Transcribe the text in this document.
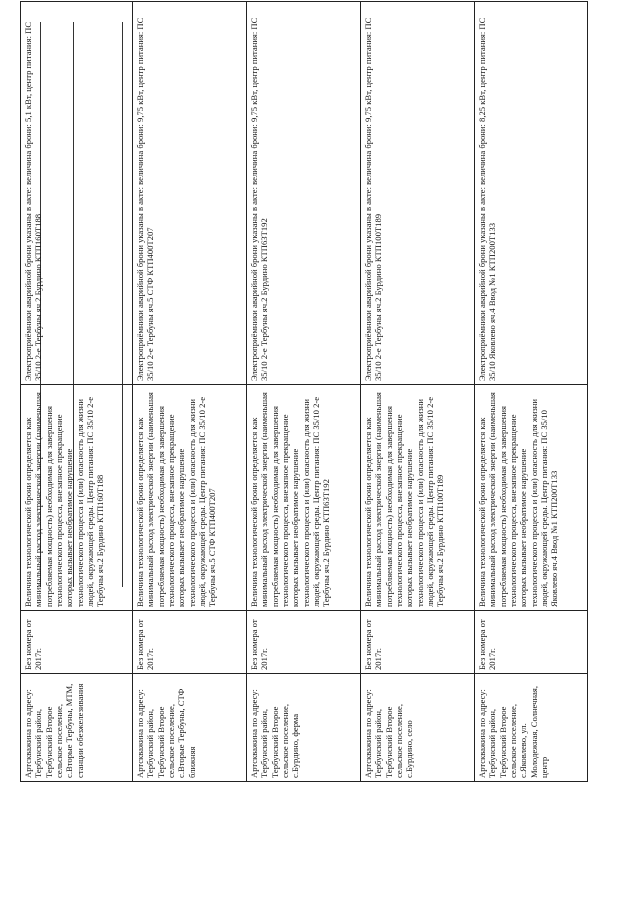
Артскважина по адресу: Тербунский район, Тербунский Второе сельское поселение, с.Вторые Тербуны, МТМ, станции обезжелезивания	Без номера от 2017г.	Величина технологической брони определяется как минимальный расход электрической энергии (наименьшая потребляемая мощность) необходимая для завершения технологического процесса, внезапное прекращение которых вызывает необратимое нарушение технологического процесса и (или) опасность для жизни людей, окружающей среды. Центр питания: ПС 35/10 2-е Тербуны яч.2 Бурдино КТП160Т188	Электроприёмники аварийной брони указаны в акте: величина брони: 5,1 кВт, центр питания: ПС 35/10 2-е Тербуны яч.2 Бурдино КТП160Т188
Артскважина по адресу: Тербунский район, Тербунский Второе сельское поселение, с.Вторые Тербуны, СТФ ближняя	Без номера от 2017г.	Величина технологической брони определяется как минимальный расход электрической энергии (наименьшая потребляемая мощность) необходимая для завершения технологического процесса, внезапное прекращение которых вызывает необратимое нарушение технологического процесса и (или) опасность для жизни людей, окружающей среды. Центр питания: ПС 35/10 2-е Тербуны яч.5 СТФ КТП400Т207	Электроприёмники аварийной брони указаны в акте: величина брони: 9,75 кВт, центр питания: ПС 35/10 2-е Тербуны яч.5 СТФ КТП400Т207
Артскважина по адресу: Тербунский район, Тербунский Второе сельское поселение, с.Бурдино, ферма	Без номера от 2017г.	Величина технологической брони определяется как минимальный расход электрической энергии (наименьшая потребляемая мощность) необходимая для завершения технологического процесса, внезапное прекращение которых вызывает необратимое нарушение технологического процесса и (или) опасность для жизни людей, окружающей среды. Центр питания: ПС 35/10 2-е Тербуны яч.2 Бурдино КТП63Т192	Электроприёмники аварийной брони указаны в акте: величина брони: 9,75 кВт, центр питания: ПС 35/10 2-е Тербуны яч.2 Бурдино КТП63Т192
Артскважина по адресу: Тербунский район, Тербунский Второе сельское поселение, с.Бурдино, село	Без номера от 2017г.	Величина технологической брони определяется как минимальный расход электрической энергии (наименьшая потребляемая мощность) необходимая для завершения технологического процесса, внезапное прекращение которых вызывает необратимое нарушение технологического процесса и (или) опасность для жизни людей, окружающей среды. Центр питания: ПС 35/10 2-е Тербуны яч.2 Бурдино КТП100Т189	Электроприёмники аварийной брони указаны в акте: величина брони: 9,75 кВт, центр питания: ПС 35/10 2-е Тербуны яч.2 Бурдино КТП100Т189
Артскважина по адресу: Тербунский район, Тербунский Второе сельское поселение, с.Яковлево, ул. Молодежная, Солнечная, центр	Без номера от 2017г.	Величина технологической брони определяется как минимальный расход электрической энергии (наименьшая потребляемая мощность) необходимая для завершения технологического процесса, внезапное прекращение которых вызывает необратимое нарушение технологического процесса и (или) опасность для жизни людей, окружающей среды. Центр питания: ПС 35/10 Яковлево яч.4 Ввод №1 КТП200Т133	Электроприёмники аварийной брони указаны в акте: величина брони: 8,25 кВт, центр питания: ПС 35/10 Яковлево яч.4 Ввод №1 КТП200Т133
